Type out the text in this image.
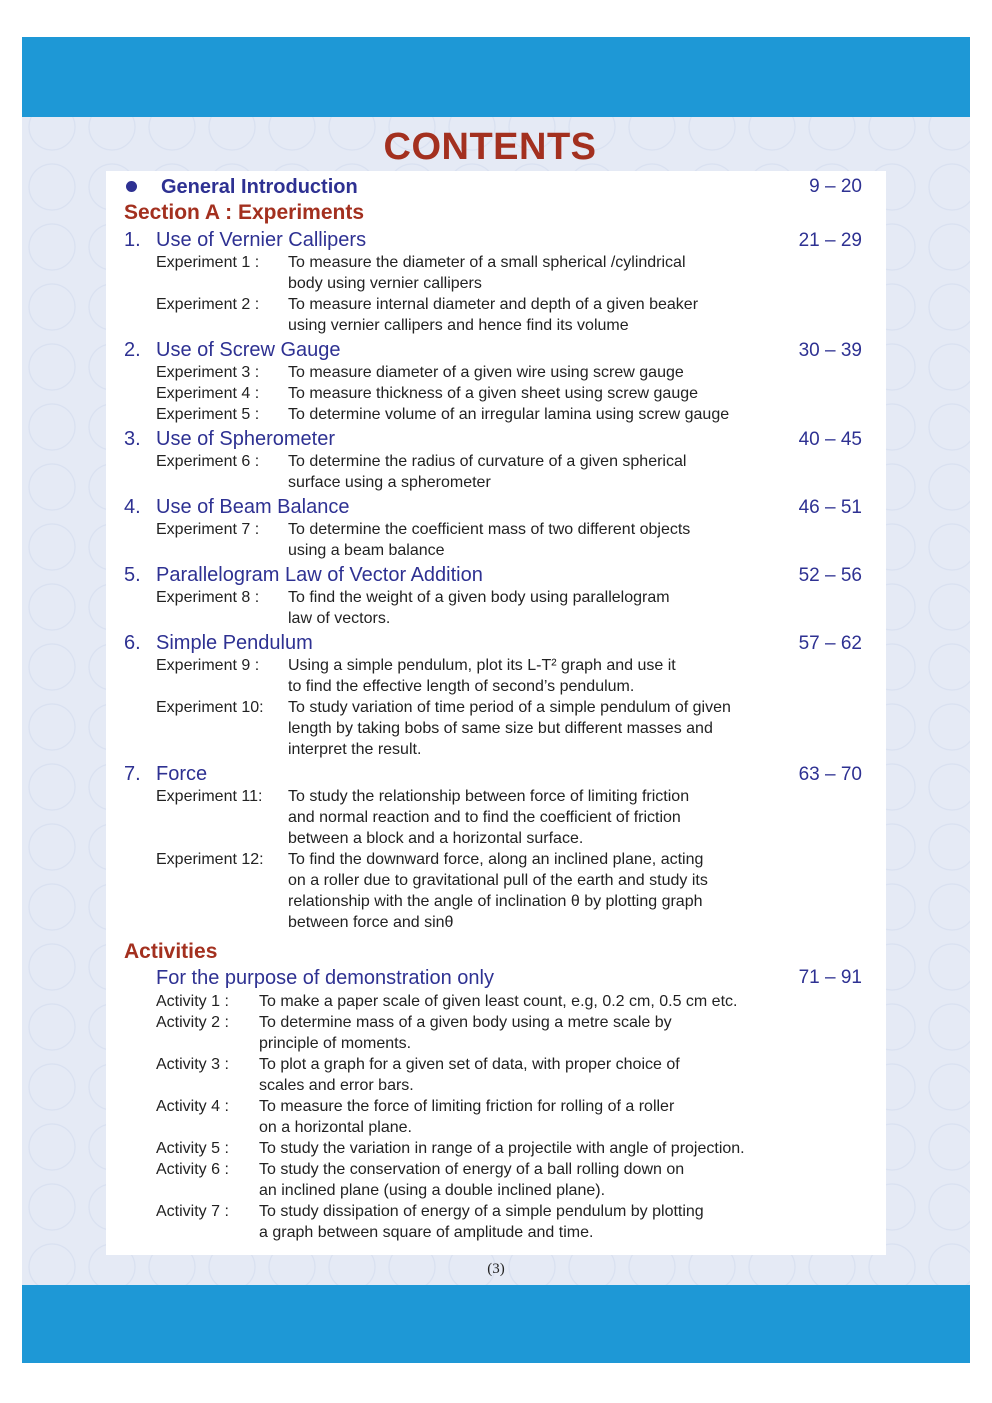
CONTENTS
General Introduction	9 – 20
Section A : Experiments
1. Use of Vernier Callipers	21 – 29
Experiment 1 :	To measure the diameter of a small spherical /cylindrical
body using vernier callipers
Experiment 2 :	To measure internal diameter and depth of a given beaker
using vernier callipers and hence find its volume
2. Use of Screw Gauge	30 – 39
Experiment 3 :	To measure diameter of a given wire using screw gauge
Experiment 4 :	To measure thickness of a given sheet using screw gauge
Experiment 5 :	To determine volume of an irregular lamina using screw gauge
3. Use of Spherometer	40 – 45
Experiment 6 :	To determine the radius of curvature of a given spherical
surface using a spherometer
4. Use of Beam Balance	46 – 51
Experiment 7 :	To determine the coefficient mass of two different objects
using a beam balance
5. Parallelogram Law of Vector Addition	52 – 56
Experiment 8 :	To find the weight of a given body using parallelogram
law of vectors.
6. Simple Pendulum	57 – 62
Experiment 9 :	Using a simple pendulum, plot its L-T² graph and use it
to find the effective length of second’s pendulum.
Experiment 10:	To study variation of time period of a simple pendulum of given
length by taking bobs of same size but different masses and
interpret the result.
7. Force	63 – 70
Experiment 11:	To study the relationship between force of limiting friction
and normal reaction and to find the coefficient of friction
between a block and a horizontal surface.
Experiment 12:	To find the downward force, along an inclined plane, acting
on a roller due to gravitational pull of the earth and study its
relationship with the angle of inclination θ by plotting graph
between force and sinθ
Activities
For the purpose of demonstration only	71 – 91
Activity 1 :	To make a paper scale of given least count, e.g, 0.2 cm, 0.5 cm etc.
Activity 2 :	To determine mass of a given body using a metre scale by
principle of moments.
Activity 3 :	To plot a graph for a given set of data, with proper choice of
scales and error bars.
Activity 4 :	To measure the force of limiting friction for rolling of a roller
on a horizontal plane.
Activity 5 :	To study the variation in range of a projectile with angle of projection.
Activity 6 :	To study the conservation of energy of a ball rolling down on
an inclined plane (using a double inclined plane).
Activity 7 :	To study dissipation of energy of a simple pendulum by plotting
a graph between square of amplitude and time.
(3)
